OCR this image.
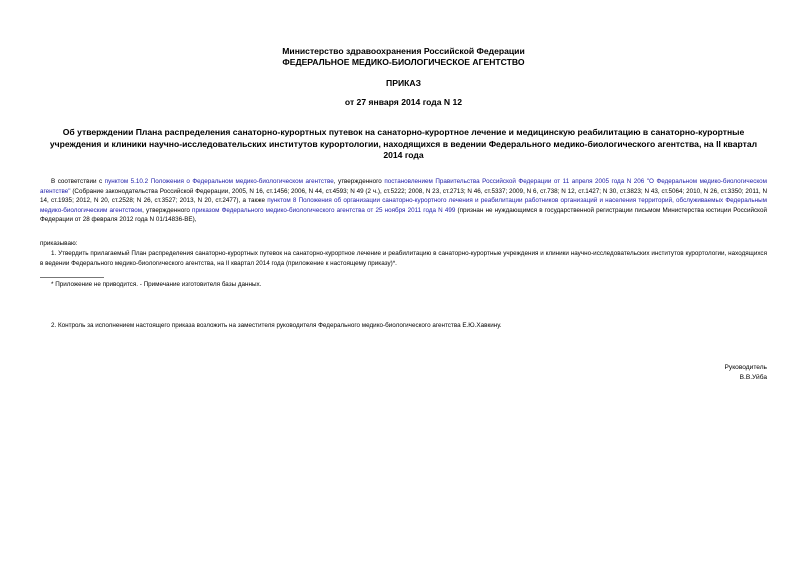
Министерство здравоохранения Российской Федерации
ФЕДЕРАЛЬНОЕ МЕДИКО-БИОЛОГИЧЕСКОЕ АГЕНТСТВО
ПРИКАЗ
от 27 января 2014 года N 12
Об утверждении Плана распределения санаторно-курортных путевок на санаторно-курортное лечение и медицинскую реабилитацию в санаторно-курортные учреждения и клиники научно-исследовательских институтов курортологии, находящихся в ведении Федерального медико-биологического агентства, на II квартал 2014 года

В соответствии с пунктом 5.10.2 Положения о Федеральном медико-биологическом агентстве, утвержденного постановлением Правительства Российской Федерации от 11 апреля 2005 года N 206 "О Федеральном медико-биологическом агентстве" (Собрание законодательства Российской Федерации, 2005, N 16, ст.1456; 2006, N 44, ст.4593; N 49 (2 ч.), ст.5222; 2008, N 23, ст.2713; N 46, ст.5337; 2009, N 6, ст.738; N 12, ст.1427; N 30, ст.3823; N 43, ст.5064; 2010, N 26, ст.3350; 2011, N 14, ст.1935; 2012, N 20, ст.2528; N 26, ст.3527; 2013, N 20, ст.2477), а также пунктом 8 Положения об организации санаторно-курортного лечения и реабилитации работников организаций и населения территорий, обслуживаемых Федеральным медико-биологическим агентством, утвержденного приказом Федерального медико-биологического агентства от 25 ноября 2011 года N 499 (признан не нуждающимся в государственной регистрации письмом Министерства юстиции Российской Федерации от 28 февраля 2012 года N 01/14836-ВЕ),

приказываю:

1. Утвердить прилагаемый План распределения санаторно-курортных путевок на санаторно-курортное лечение и реабилитацию в санаторно-курортные учреждения и клиники научно-исследовательских институтов курортологии, находящихся в ведении Федерального медико-биологического агентства, на II квартал 2014 года (приложение к настоящему приказу)*.

* Приложение не приводится. - Примечание изготовителя базы данных.
2. Контроль за исполнением настоящего приказа возложить на заместителя руководителя Федерального медико-биологического агентства Е.Ю.Хавкину.
Руководитель
В.В.Уйба
